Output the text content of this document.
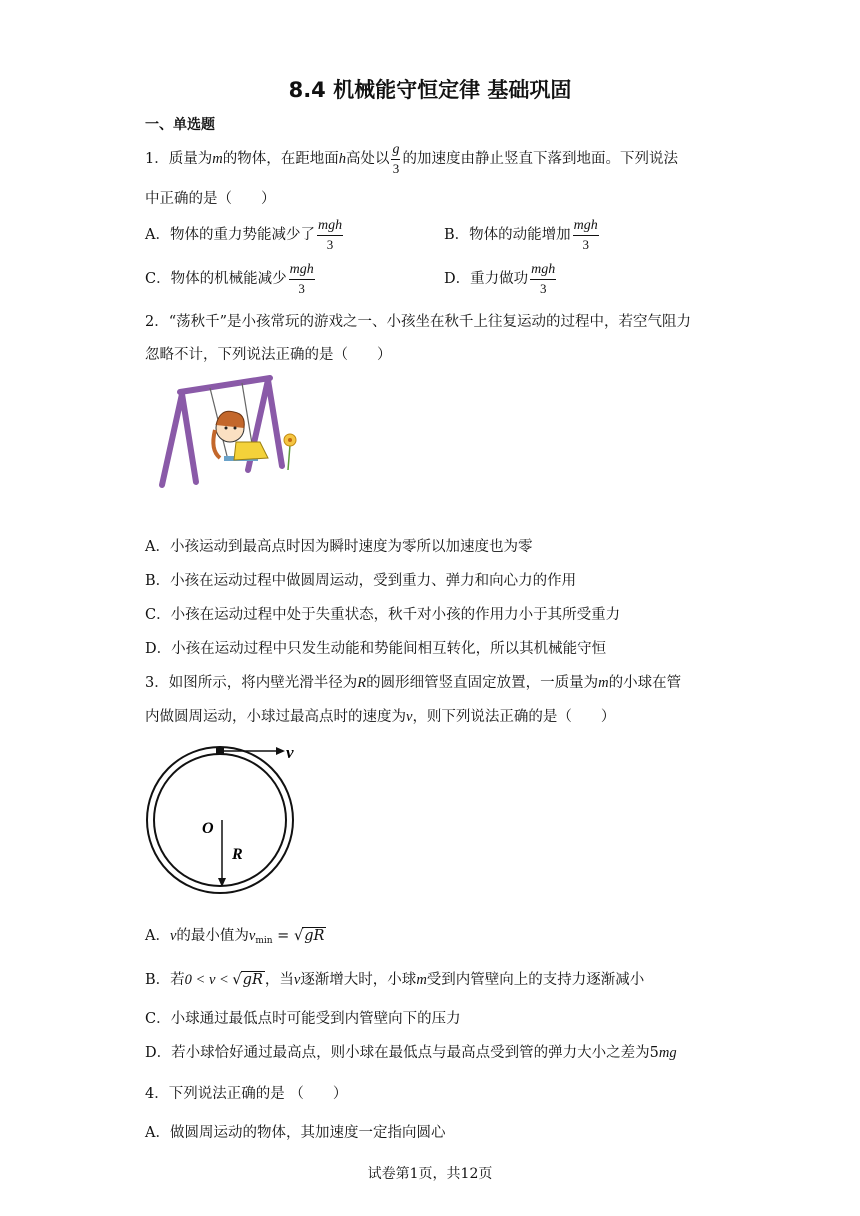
8.4 机械能守恒定律 基础巩固
一、单选题
1．质量为m的物体，在距地面h高处以 $\frac{g}{3}$ 的加速度由静止竖直下落到地面。下列说法
中正确的是（　　）
A．物体的重力势能减少了 $\frac{\text{mgh}}{3}$	B．物体的动能增加 $\frac{\text{mgh}}{3}$
C．物体的机械能减少 $\frac{\text{mgh}}{3}$	D．重力做功 $\frac{\text{mgh}}{3}$
2．“荡秋千”是小孩常玩的游戏之一、小孩坐在秋千上往复运动的过程中，若空气阻力
忽略不计，下列说法正确的是（　　）
A．小孩运动到最高点时因为瞬时速度为零所以加速度也为零
B．小孩在运动过程中做圆周运动，受到重力、弹力和向心力的作用
C．小孩在运动过程中处于失重状态，秋千对小孩的作用力小于其所受重力
D．小孩在运动过程中只发生动能和势能间相互转化，所以其机械能守恒
3．如图所示，将内壁光滑半径为R的圆形细管竖直固定放置，一质量为m的小球在管
内做圆周运动，小球过最高点时的速度为v，则下列说法正确的是（　　）
v
O
R
A．v的最小值为$v_{min} = √gR$
B．若0 < v < √gR ，当v逐渐增大时，小球m受到内管壁向上的支持力逐渐减小
C．小球通过最低点时可能受到内管壁向下的压力
D．若小球恰好通过最高点，则小球在最低点与最高点受到管的弹力大小之差为5mg
4．下列说法正确的是 （　　）
A．做圆周运动的物体，其加速度一定指向圆心
试卷第1页，共12页
